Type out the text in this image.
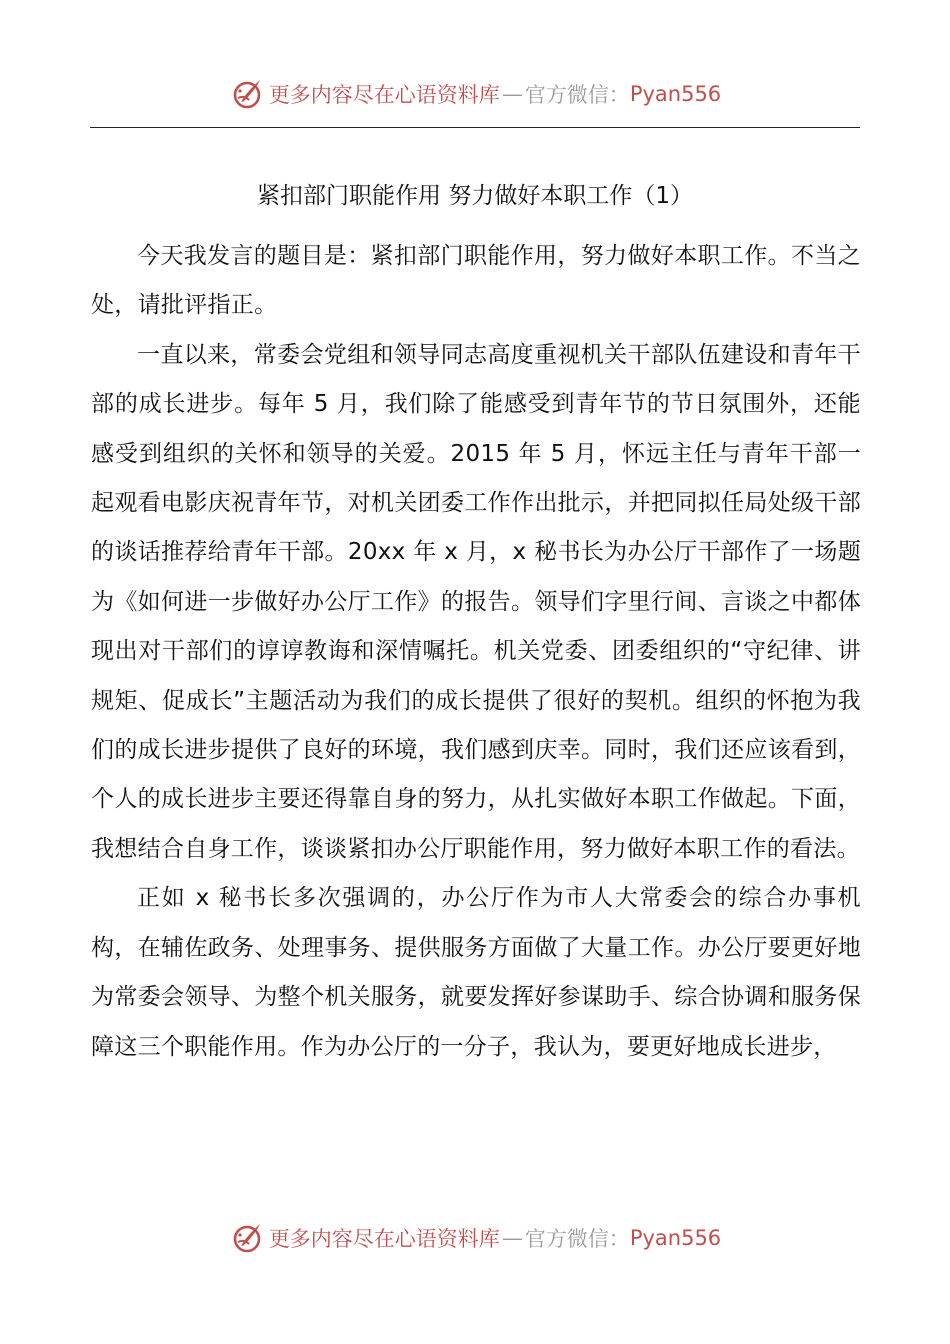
更多内容尽在心语资料库 — 官方微信： Pyan556
紧扣部门职能作用 努力做好本职工作（1）

今天我发言的题目是：紧扣部门职能作用，努力做好本职工作。不当之处，请批评指正。

一直以来，常委会党组和领导同志高度重视机关干部队伍建设和青年干部的成长进步。每年 5 月，我们除了能感受到青年节的节日氛围外，还能感受到组织的关怀和领导的关爱。2015 年 5 月，怀远主任与青年干部一起观看电影庆祝青年节，对机关团委工作作出批示，并把同拟任局处级干部的谈话推荐给青年干部。20xx 年 x 月，x 秘书长为办公厅干部作了一场题为《如何进一步做好办公厅工作》的报告。领导们字里行间、言谈之中都体现出对干部们的谆谆教诲和深情嘱托。机关党委、团委组织的“守纪律、讲规矩、促成长”主题活动为我们的成长提供了很好的契机。组织的怀抱为我们的成长进步提供了良好的环境，我们感到庆幸。同时，我们还应该看到，个人的成长进步主要还得靠自身的努力，从扎实做好本职工作做起。下面，我想结合自身工作，谈谈紧扣办公厅职能作用，努力做好本职工作的看法。

正如 x 秘书长多次强调的，办公厅作为市人大常委会的综合办事机构，在辅佐政务、处理事务、提供服务方面做了大量工作。办公厅要更好地为常委会领导、为整个机关服务，就要发挥好参谋助手、综合协调和服务保障这三个职能作用。作为办公厅的一分子，我认为，要更好地成长进步，

更多内容尽在心语资料库 — 官方微信： Pyan556
